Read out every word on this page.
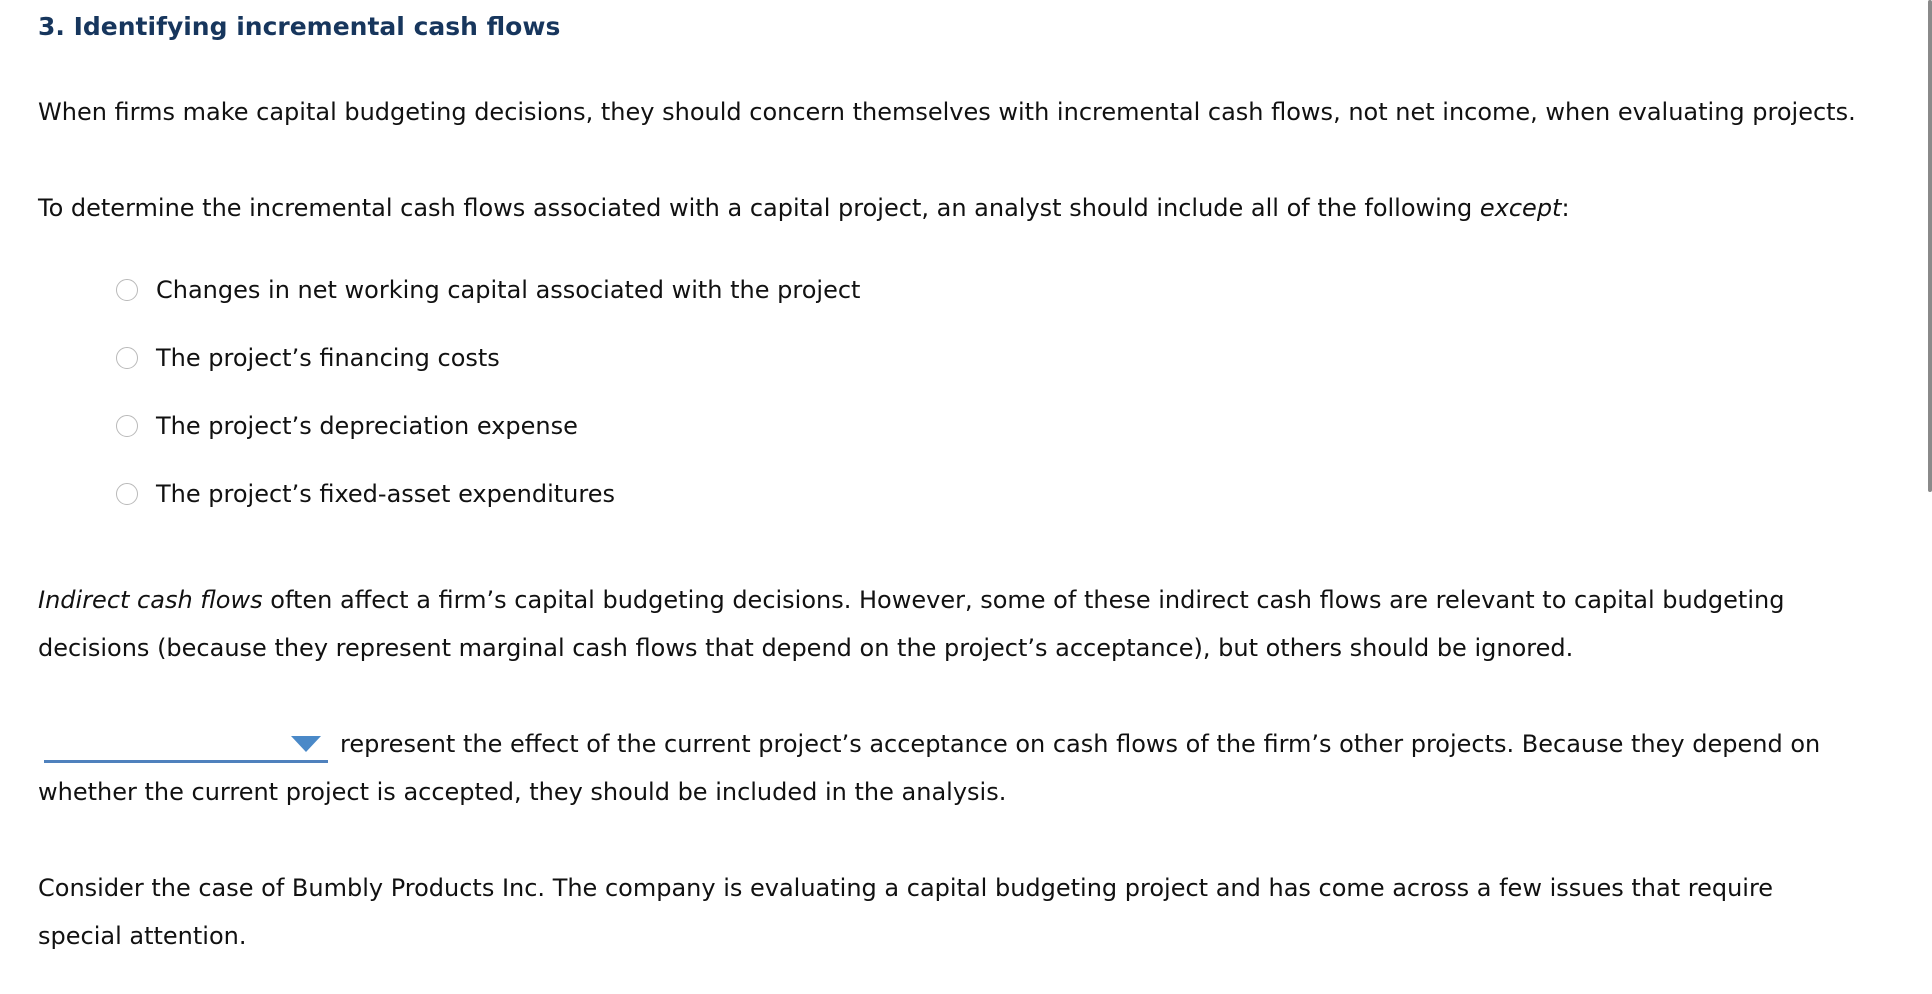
3. Identifying incremental cash flows
When firms make capital budgeting decisions, they should concern themselves with incremental cash flows, not net income, when evaluating projects.
To determine the incremental cash flows associated with a capital project, an analyst should include all of the following except:
Changes in net working capital associated with the project
The project’s financing costs
The project’s depreciation expense
The project’s fixed-asset expenditures
Indirect cash flows often affect a firm’s capital budgeting decisions. However, some of these indirect cash flows are relevant to capital budgeting
decisions (because they represent marginal cash flows that depend on the project’s acceptance), but others should be ignored.
represent the effect of the current project’s acceptance on cash flows of the firm’s other projects. Because they depend on
whether the current project is accepted, they should be included in the analysis.
Consider the case of Bumbly Products Inc. The company is evaluating a capital budgeting project and has come across a few issues that require
special attention.
